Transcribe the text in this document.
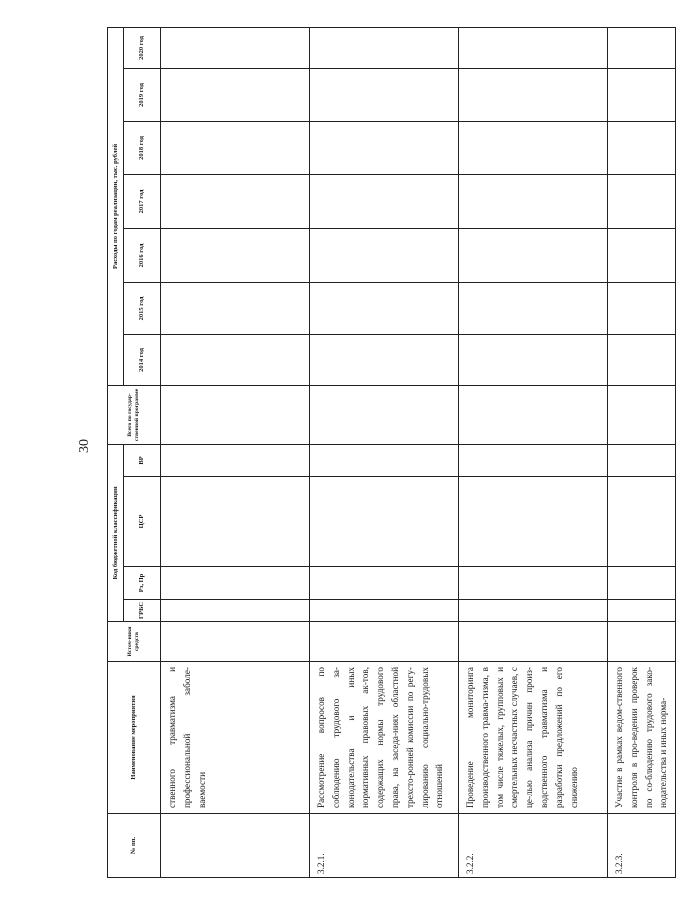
30
№ пп.	Наименование мероприятия	Источ-ники средств	Код бюджетной классификации				Всего по государ-ственной программе	Расходы по годам реализации, тыс. рублей						
			ГРБС	Рз, Пр	ЦСР	ВР		2014 год	2015 год	2016 год	2017 год	2018 год	2019 год	2020 год

	ственного травматизма и профессиональной заболе-ваемости													

3.2.1.	Рассмотрение вопросов по соблюдению трудового за-конодательства и иных нормативных правовых ак-тов, содержащих нормы трудового права, на заседа-ниях областной трехсто-ронней комиссии по регу-лированию социально-трудовых отношений													

3.2.2.	Проведение мониторинга производственного травма-тизма, в том числе тяжелых, групповых и смертельных несчастных случаев, с це-лью анализа причин произ-водственного травматизма и разработки предложений по его снижению													

3.2.3.	Участие в рамках ведом-ственного контроля в про-ведении проверок по со-блюдению трудового зако-нодательства и иных норма-													
